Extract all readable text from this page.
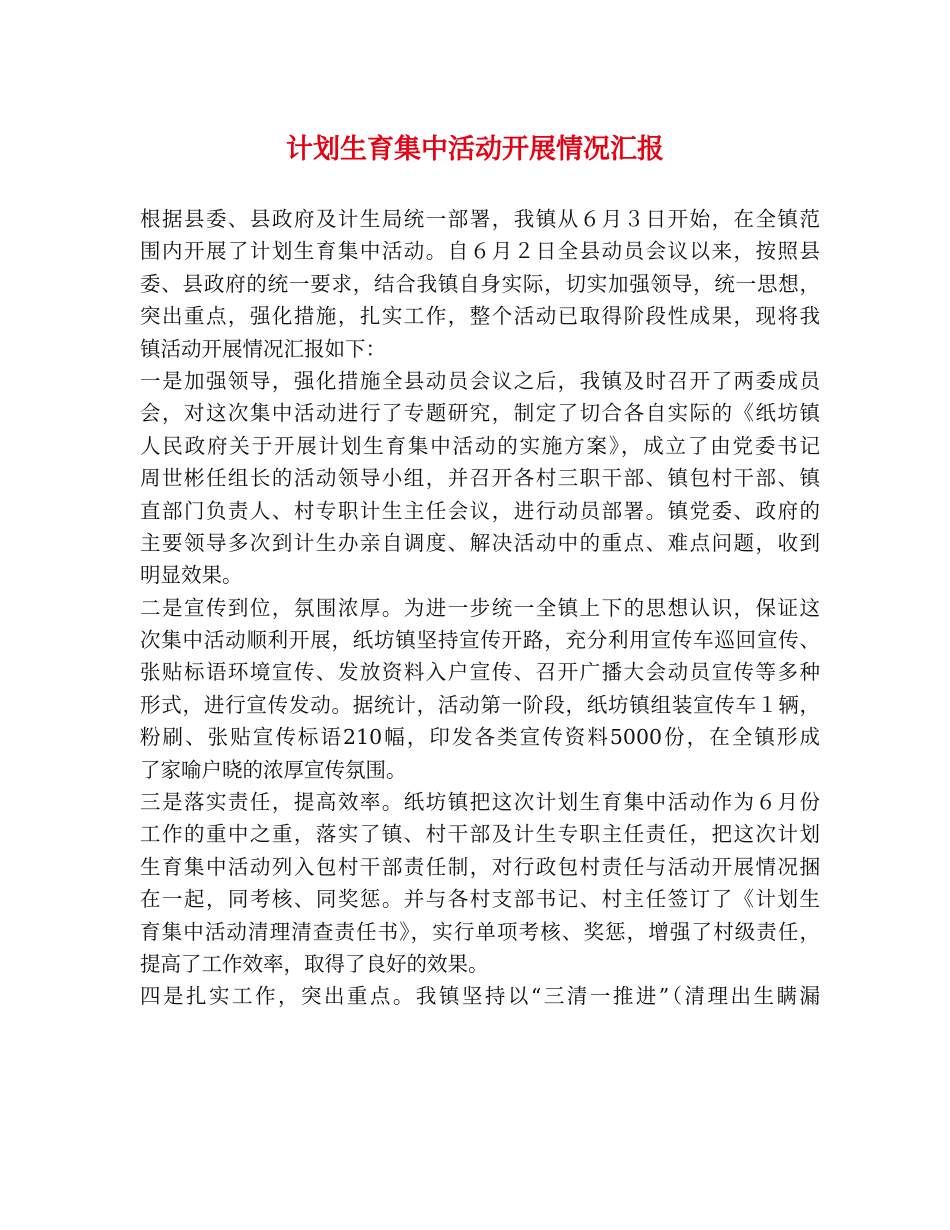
计划生育集中活动开展情况汇报
根据县委、县政府及计生局统一部署，我镇从６月３日开始，在全镇范
围内开展了计划生育集中活动。自６月２日全县动员会议以来，按照县
委、县政府的统一要求，结合我镇自身实际，切实加强领导，统一思想，
突出重点，强化措施，扎实工作，整个活动已取得阶段性成果，现将我
镇活动开展情况汇报如下：
一是加强领导，强化措施全县动员会议之后，我镇及时召开了两委成员
会，对这次集中活动进行了专题研究，制定了切合各自实际的《纸坊镇
人民政府关于开展计划生育集中活动的实施方案》，成立了由党委书记
周世彬任组长的活动领导小组，并召开各村三职干部、镇包村干部、镇
直部门负责人、村专职计生主任会议，进行动员部署。镇党委、政府的
主要领导多次到计生办亲自调度、解决活动中的重点、难点问题，收到
明显效果。
二是宣传到位，氛围浓厚。为进一步统一全镇上下的思想认识，保证这
次集中活动顺利开展，纸坊镇坚持宣传开路，充分利用宣传车巡回宣传、
张贴标语环境宣传、发放资料入户宣传、召开广播大会动员宣传等多种
形式，进行宣传发动。据统计，活动第一阶段，纸坊镇组装宣传车１辆，
粉刷、张贴宣传标语210幅，印发各类宣传资料5000份，在全镇形成
了家喻户晓的浓厚宣传氛围。
三是落实责任，提高效率。纸坊镇把这次计划生育集中活动作为６月份
工作的重中之重，落实了镇、村干部及计生专职主任责任，把这次计划
生育集中活动列入包村干部责任制，对行政包村责任与活动开展情况捆
在一起，同考核、同奖惩。并与各村支部书记、村主任签订了《计划生
育集中活动清理清查责任书》，实行单项考核、奖惩，增强了村级责任，
提高了工作效率，取得了良好的效果。
四是扎实工作，突出重点。我镇坚持以“三清一推进”（清理出生瞒漏
